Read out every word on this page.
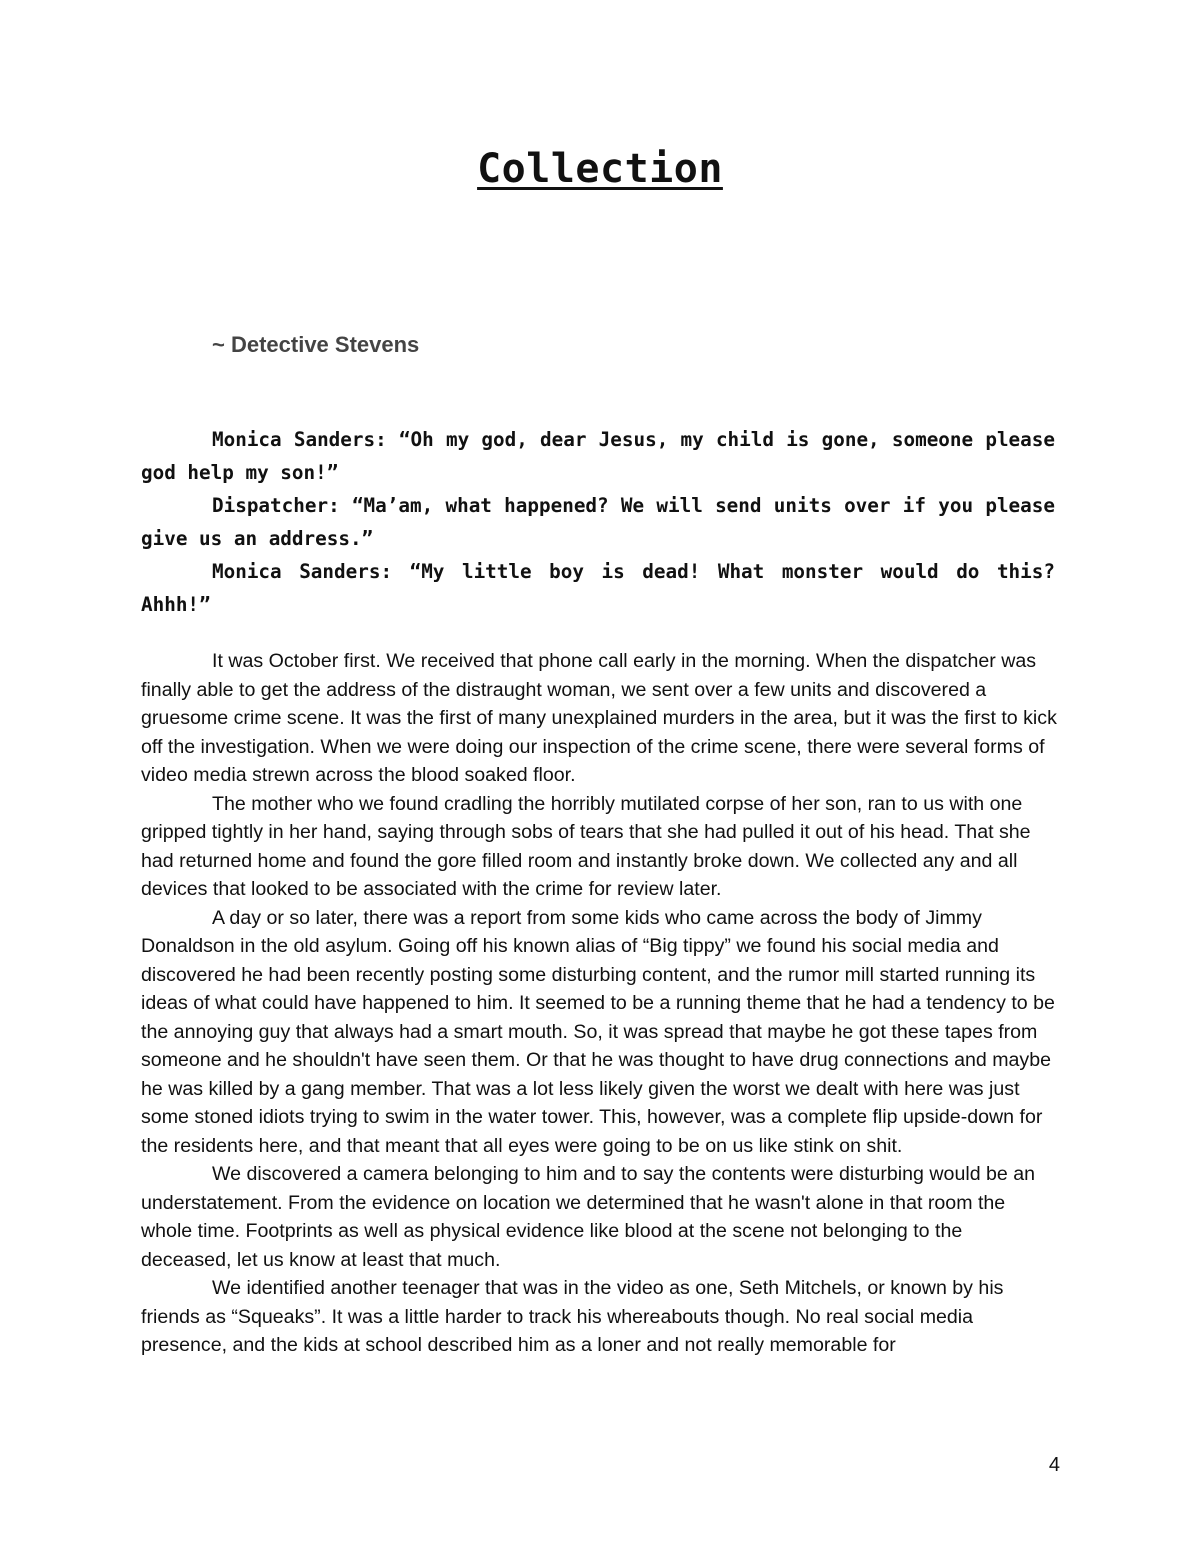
Collection
~ Detective Stevens

Monica Sanders: “Oh my god, dear Jesus, my child is gone, someone please god help my son!”

Dispatcher: “Ma’am, what happened? We will send units over if you please give us an address.”

Monica Sanders: “My little boy is dead! What monster would do this? Ahhh!”

It was October first. We received that phone call early in the morning. When the dispatcher was finally able to get the address of the distraught woman, we sent over a few units and discovered a gruesome crime scene. It was the first of many unexplained murders in the area, but it was the first to kick off the investigation. When we were doing our inspection of the crime scene, there were several forms of video media strewn across the blood soaked floor.

The mother who we found cradling the horribly mutilated corpse of her son, ran to us with one gripped tightly in her hand, saying through sobs of tears that she had pulled it out of his head. That she had returned home and found the gore filled room and instantly broke down. We collected any and all devices that looked to be associated with the crime for review later.

A day or so later, there was a report from some kids who came across the body of Jimmy Donaldson in the old asylum. Going off his known alias of “Big tippy” we found his social media and discovered he had been recently posting some disturbing content, and the rumor mill started running its ideas of what could have happened to him. It seemed to be a running theme that he had a tendency to be the annoying guy that always had a smart mouth. So, it was spread that maybe he got these tapes from someone and he shouldn't have seen them. Or that he was thought to have drug connections and maybe he was killed by a gang member. That was a lot less likely given the worst we dealt with here was just some stoned idiots trying to swim in the water tower. This, however, was a complete flip upside-down for the residents here, and that meant that all eyes were going to be on us like stink on shit.

We discovered a camera belonging to him and to say the contents were disturbing would be an understatement. From the evidence on location we determined that he wasn't alone in that room the whole time. Footprints as well as physical evidence like blood at the scene not belonging to the deceased, let us know at least that much.

We identified another teenager that was in the video as one, Seth Mitchels, or known by his friends as “Squeaks”. It was a little harder to track his whereabouts though. No real social media presence, and the kids at school described him as a loner and not really memorable for

4
